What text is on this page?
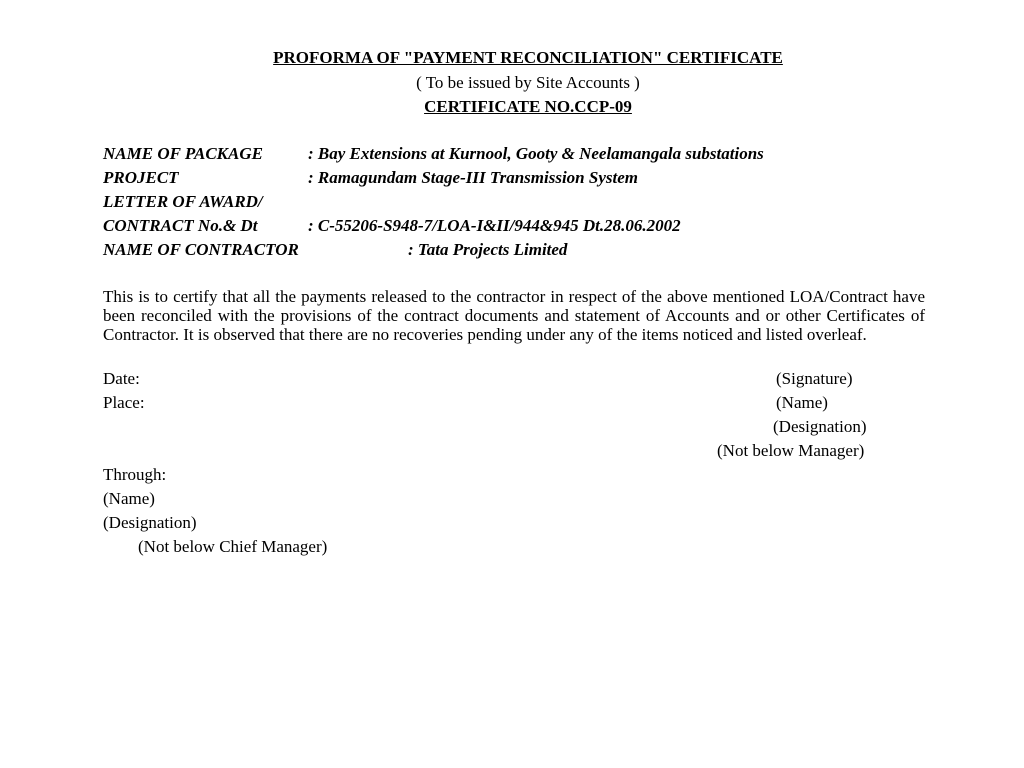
PROFORMA OF "PAYMENT RECONCILIATION" CERTIFICATE
( To be issued by Site Accounts )
CERTIFICATE NO.CCP-09
NAME OF PACKAGE	: Bay Extensions at Kurnool, Gooty & Neelamangala substations
PROJECT	: Ramagundam Stage-III Transmission System
LETTER OF AWARD/
CONTRACT No.& Dt	: C-55206-S948-7/LOA-I&II/944&945 Dt.28.06.2002
NAME OF CONTRACTOR	: Tata Projects Limited
This is to certify that all the payments released to the contractor in respect of the above mentioned LOA/Contract have been reconciled with the provisions of the contract documents and statement of Accounts and or other Certificates of Contractor. It is observed that there are no recoveries pending under any of the items noticed and listed overleaf.
Date:	(Signature)
Place:	(Name)
(Designation)
(Not below Manager)
Through:
(Name)
(Designation)
(Not below Chief Manager)
